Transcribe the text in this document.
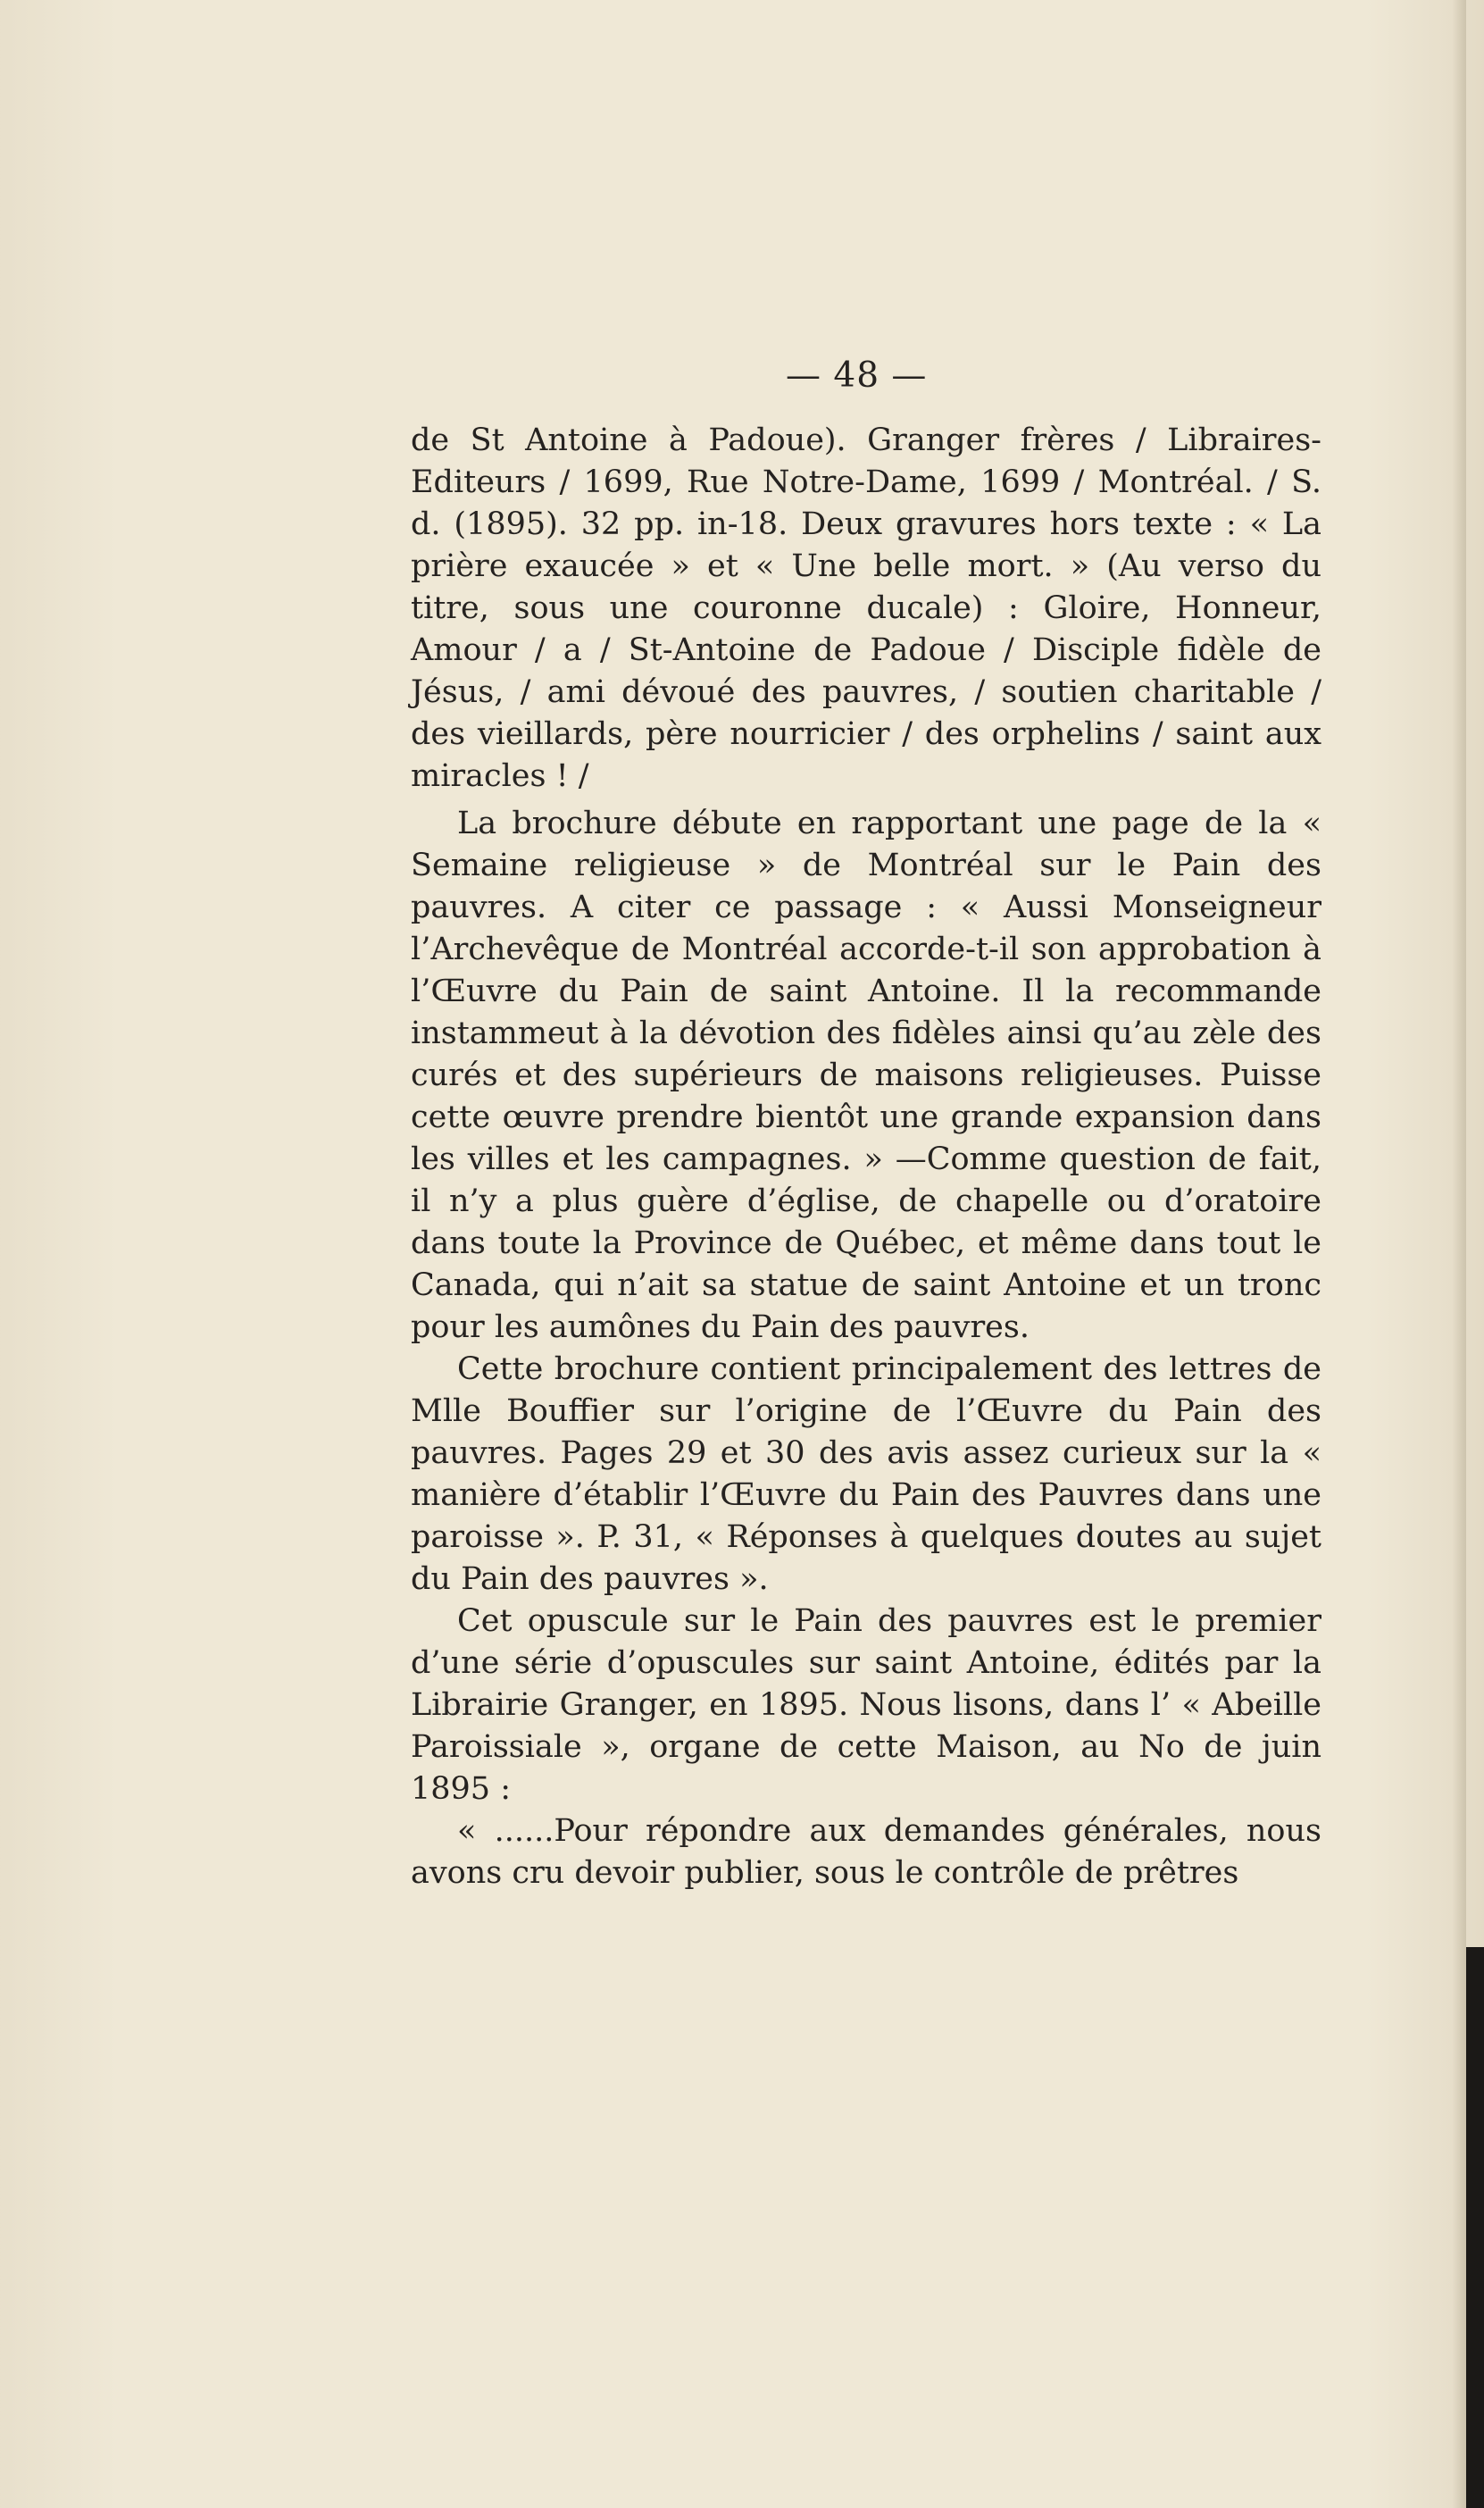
— 48 —

de St Antoine à Padoue). Granger frères / Libraires-Editeurs / 1699, Rue Notre-Dame, 1699 / Montréal. / S. d. (1895). 32 pp. in-18. Deux gravures hors texte : « La prière exaucée » et « Une belle mort. » (Au verso du titre, sous une couronne ducale) : Gloire, Honneur, Amour / a / St-Antoine de Padoue / Disciple fidèle de Jésus, / ami dévoué des pauvres, / soutien charitable / des vieillards, père nourricier / des orphelins / saint aux miracles ! /

La brochure débute en rapportant une page de la « Semaine religieuse » de Montréal sur le Pain des pauvres. A citer ce passage : « Aussi Monseigneur l’Archevêque de Montréal accorde-t-il son approbation à l’Œuvre du Pain de saint Antoine. Il la recommande instammeut à la dévotion des fidèles ainsi qu’au zèle des curés et des supérieurs de maisons religieuses. Puisse cette œuvre prendre bientôt une grande expansion dans les villes et les campagnes. » —Comme question de fait, il n’y a plus guère d’église, de chapelle ou d’oratoire dans toute la Province de Québec, et même dans tout le Canada, qui n’ait sa statue de saint Antoine et un tronc pour les aumônes du Pain des pauvres.

Cette brochure contient principalement des lettres de Mlle Bouffier sur l’origine de l’Œuvre du Pain des pauvres. Pages 29 et 30 des avis assez curieux sur la « manière d’établir l’Œuvre du Pain des Pauvres dans une paroisse ». P. 31, « Réponses à quelques doutes au sujet du Pain des pauvres ».

Cet opuscule sur le Pain des pauvres est le premier d’une série d’opuscules sur saint Antoine, édités par la Librairie Granger, en 1895. Nous lisons, dans l’ « Abeille Paroissiale », organe de cette Maison, au No de juin 1895 :

« ......Pour répondre aux demandes générales, nous avons cru devoir publier, sous le contrôle de prêtres
